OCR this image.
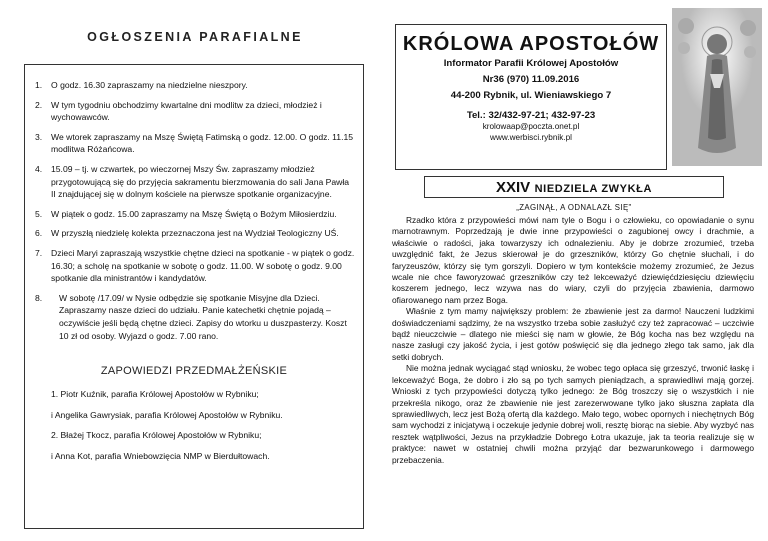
OGŁOSZENIA PARAFIALNE
1. O godz. 16.30 zapraszamy na niedzielne nieszpory.
2. W tym tygodniu obchodzimy kwartalne dni modlitw za dzieci, młodzież i wychowawców.
3. We wtorek zapraszamy na Mszę Świętą Fatimską o godz. 12.00. O godz. 11.15 modlitwa Różańcowa.
4. 15.09 – tj. w czwartek, po wieczornej Mszy Św. zapraszamy młodzież przygotowującą się do przyjęcia sakramentu bierzmowania do sali Jana Pawła II znajdującej się w dolnym kościele na pierwsze spotkanie organizacyjne.
5. W piątek o godz. 15.00 zapraszamy na Mszę Świętą o Bożym Miłosierdziu.
6. W przyszłą niedzielę kolekta przeznaczona jest na Wydział Teologiczny UŚ.
7. Dzieci Maryi zapraszają wszystkie chętne dzieci na spotkanie - w piątek o godz. 16.30; a scholę na spotkanie w sobotę o godz. 11.00. W sobotę o godz. 9.00 spotkanie dla ministrantów i kandydatów.
8. W sobotę /17.09/ w Nysie odbędzie się spotkanie Misyjne dla Dzieci. Zapraszamy nasze dzieci do udziału. Panie katechetki chętnie pojadą – oczywiście jeśli będą chętne dzieci. Zapisy do wtorku u duszpasterzy. Koszt 10 zł od osoby. Wyjazd o godz. 7.00 rano.
ZAPOWIEDZI PRZEDMAŁŻEŃSKIE
1. Piotr Kuźnik, parafia Królowej Apostołów w Rybniku;
i Angelika Gawrysiak, parafia Królowej Apostołów w Rybniku.
2. Błażej Tkocz, parafia Królowej Apostołów w Rybniku;
i Anna Kot, parafia Wniebowzięcia NMP w Bierdułtowach.
KRÓLOWA APOSTOŁÓW
Informator Parafii Królowej Apostołów
Nr36 (970) 11.09.2016
44-200 Rybnik, ul. Wieniawskiego 7
Tel.: 32/432-97-21; 432-97-23
krolowaap@poczta.onet.pl
www.werbisci.rybnik.pl
XXIV NIEDZIELA ZWYKŁA
„ZAGINĄŁ, A ODNALAZŁ SIĘ"

Rzadko która z przypowieści mówi nam tyle o Bogu i o człowieku, co opowiadanie o synu marnotrawnym. Poprzedzają je dwie inne przypowieści o zagubionej owcy i drachmie, a właściwie o radości, jaka towarzyszy ich odnalezieniu. Aby je dobrze zrozumieć, trzeba uwzględnić fakt, że Jezus skierował je do grzeszników, którzy Go chętnie słuchali, i do faryzeuszów, którzy się tym gorszyli. Dopiero w tym kontekście możemy zrozumieć, że Jezus wcale nie chce faworyzować grzeszników czy też lekceważyć dziewięćdziesięciu dziewięciu koszerem jednego, lecz wzywa nas do wiary, czyli do przyjęcia zbawienia, darmowo ofiarowanego nam przez Boga.

Właśnie z tym mamy największy problem: że zbawienie jest za darmo! Nauczeni ludzkimi doświadczeniami sądzimy, że na wszystko trzeba sobie zasłużyć czy też zapracować – uczciwie bądź nieuczciwie – dlatego nie mieści się nam w głowie, że Bóg kocha nas bez względu na nasze zasługi czy jakość życia, i jest gotów poświęcić się dla jednego złego tak samo, jak dla setki dobrych.

Nie można jednak wyciągać stąd wniosku, że wobec tego opłaca się grzeszyć, trwonić łaskę i lekceważyć Boga, że dobro i zło są po tych samych pieniądzach, a sprawiedliwi mają gorzej. Wnioski z tych przypowieści dotyczą tylko jednego: że Bóg troszczy się o wszystkich i nie przekreśla nikogo, oraz że zbawienie nie jest zarezerwowane tylko jako słuszna zapłata dla sprawiedliwych, lecz jest Bożą ofertą dla każdego. Mało tego, wobec opornych i niechętnych Bóg sam wychodzi z inicjatywą i oczekuje jedynie dobrej woli, resztę biorąc na siebie. Aby wyzbyć nas resztek wątpliwości, Jezus na przykładzie Dobrego Łotra ukazuje, jak ta teoria realizuje się w praktyce: nawet w ostatniej chwili można przyjąć dar bezwarunkowego i darmowego przebaczenia.
